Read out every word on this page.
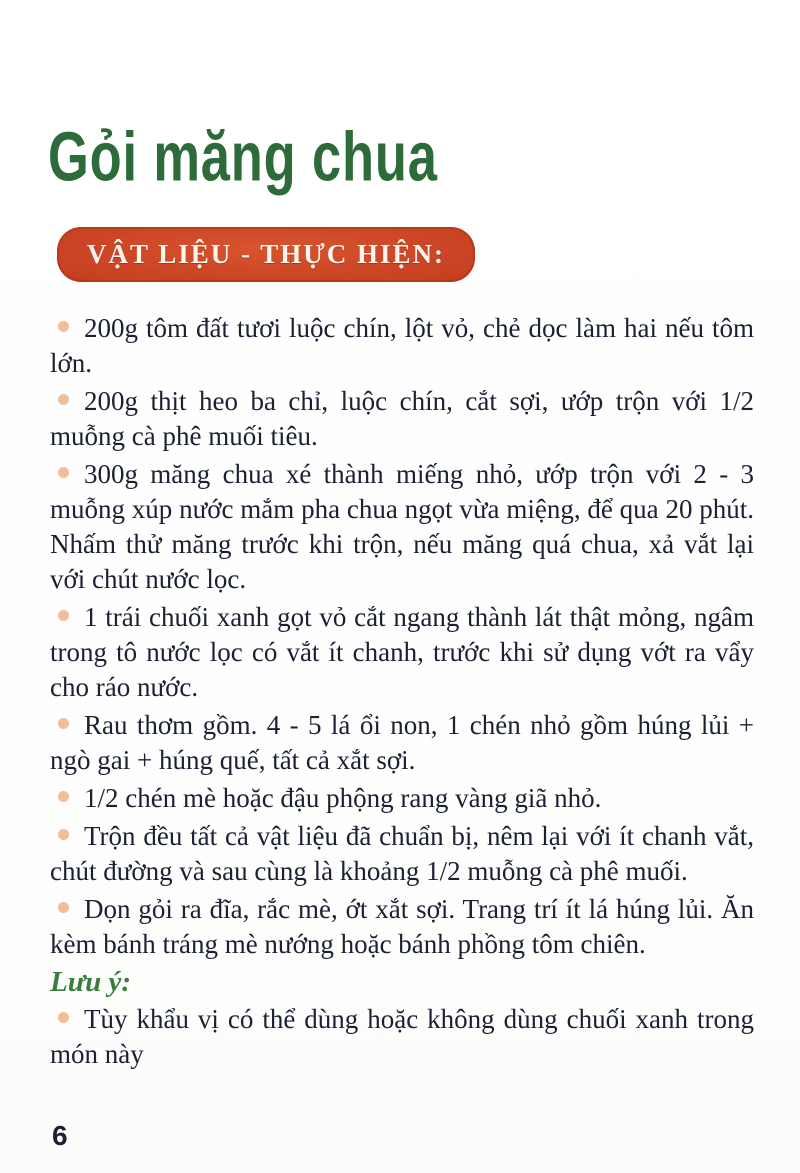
Gỏi măng chua
VẬT LIỆU - THỰC HIỆN:

200g tôm đất tươi luộc chín, lột vỏ, chẻ dọc làm hai nếu tôm lớn.

200g thịt heo ba chỉ, luộc chín, cắt sợi, ướp trộn với 1/2 muỗng cà phê muối tiêu.

300g măng chua xé thành miếng nhỏ, ướp trộn với 2 - 3 muỗng xúp nước mắm pha chua ngọt vừa miệng, để qua 20 phút. Nhấm thử măng trước khi trộn, nếu măng quá chua, xả vắt lại với chút nước lọc.

1 trái chuối xanh gọt vỏ cắt ngang thành lát thật mỏng, ngâm trong tô nước lọc có vắt ít chanh, trước khi sử dụng vớt ra vẩy cho ráo nước.

Rau thơm gồm. 4 - 5 lá ổi non, 1 chén nhỏ gồm húng lủi + ngò gai + húng quế, tất cả xắt sợi.

1/2 chén mè hoặc đậu phộng rang vàng giã nhỏ.

Trộn đều tất cả vật liệu đã chuẩn bị, nêm lại với ít chanh vắt, chút đường và sau cùng là khoảng 1/2 muỗng cà phê muối.

Dọn gỏi ra đĩa, rắc mè, ớt xắt sợi. Trang trí ít lá húng lủi. Ăn kèm bánh tráng mè nướng hoặc bánh phồng tôm chiên.

Lưu ý:

Tùy khẩu vị có thể dùng hoặc không dùng chuối xanh trong món này

6
